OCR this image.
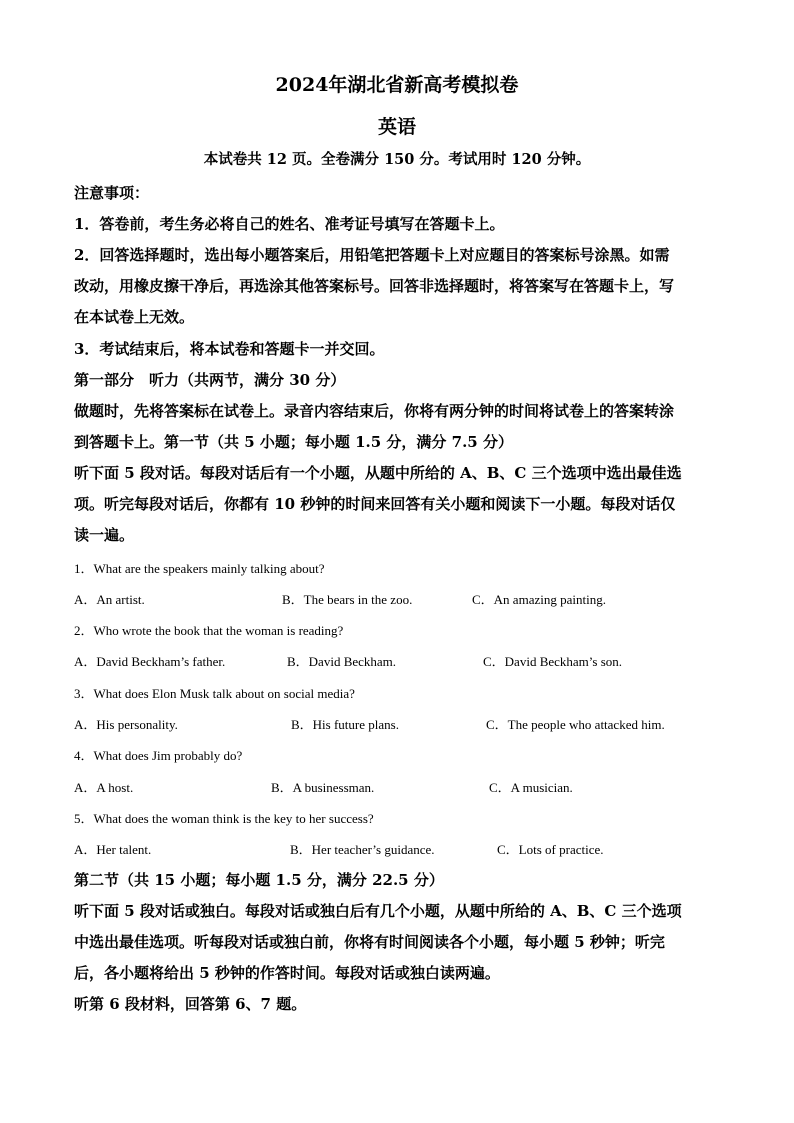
2024年湖北省新高考模拟卷
英语
本试卷共 12 页。全卷满分 150 分。考试用时 120 分钟。
注意事项：
1．答卷前，考生务必将自己的姓名、准考证号填写在答题卡上。
2．回答选择题时，选出每小题答案后，用铅笔把答题卡上对应题目的答案标号涂黑。如需
改动，用橡皮擦干净后，再选涂其他答案标号。回答非选择题时，将答案写在答题卡上，写
在本试卷上无效。
3．考试结束后，将本试卷和答题卡一并交回。
第一部分　听力（共两节，满分 30 分）
做题时，先将答案标在试卷上。录音内容结束后，你将有两分钟的时间将试卷上的答案转涂
到答题卡上。第一节（共 5 小题；每小题 1.5 分，满分 7.5 分）
听下面 5 段对话。每段对话后有一个小题，从题中所给的 A、B、C 三个选项中选出最佳选
项。听完每段对话后，你都有 10 秒钟的时间来回答有关小题和阅读下一小题。每段对话仅
读一遍。
1．What are the speakers mainly talking about?
A．An artist.	B．The bears in the zoo.	C．An amazing painting.
2．Who wrote the book that the woman is reading?
A．David Beckham’s father.	B．David Beckham.	C．David Beckham’s son.
3．What does Elon Musk talk about on social media?
A．His personality.	B．His future plans.	C．The people who attacked him.
4．What does Jim probably do?
A．A host.	B．A businessman.	C．A musician.
5．What does the woman think is the key to her success?
A．Her talent.	B．Her teacher’s guidance.	C．Lots of practice.
第二节（共 15 小题；每小题 1.5 分，满分 22.5 分）
听下面 5 段对话或独白。每段对话或独白后有几个小题，从题中所给的 A、B、C 三个选项
中选出最佳选项。听每段对话或独白前，你将有时间阅读各个小题，每小题 5 秒钟；听完
后，各小题将给出 5 秒钟的作答时间。每段对话或独白读两遍。
听第 6 段材料，回答第 6、7 题。
